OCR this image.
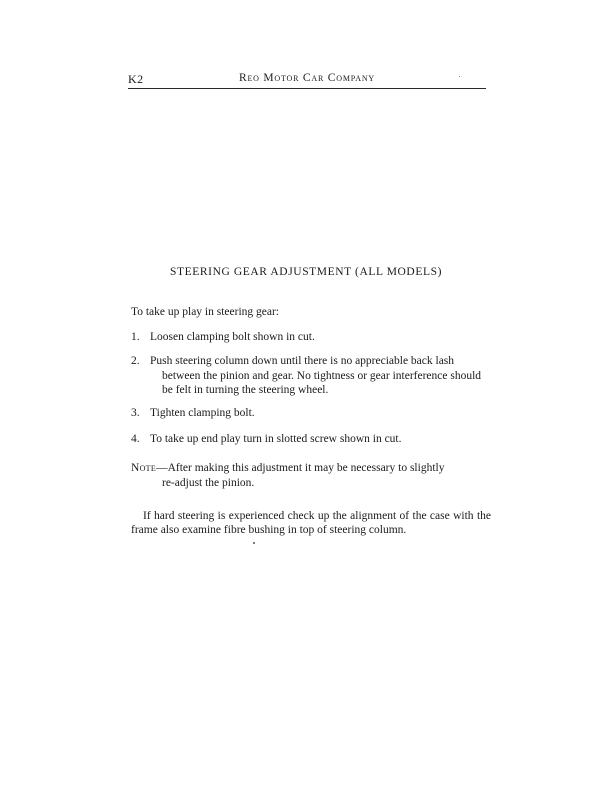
K2	Reo Motor Car Company
STEERING GEAR ADJUSTMENT (ALL MODELS)

To take up play in steering gear:

1. Loosen clamping bolt shown in cut.
2. Push steering column down until there is no appreciable back lash between the pinion and gear. No tightness or gear interference should be felt in turning the steering wheel.
3. Tighten clamping bolt.
4. To take up end play turn in slotted screw shown in cut.
Note—After making this adjustment it may be necessary to slightly
re-adjust the pinion.

If hard steering is experienced check up the alignment of the case with the frame also examine fibre bushing in top of steering column.
